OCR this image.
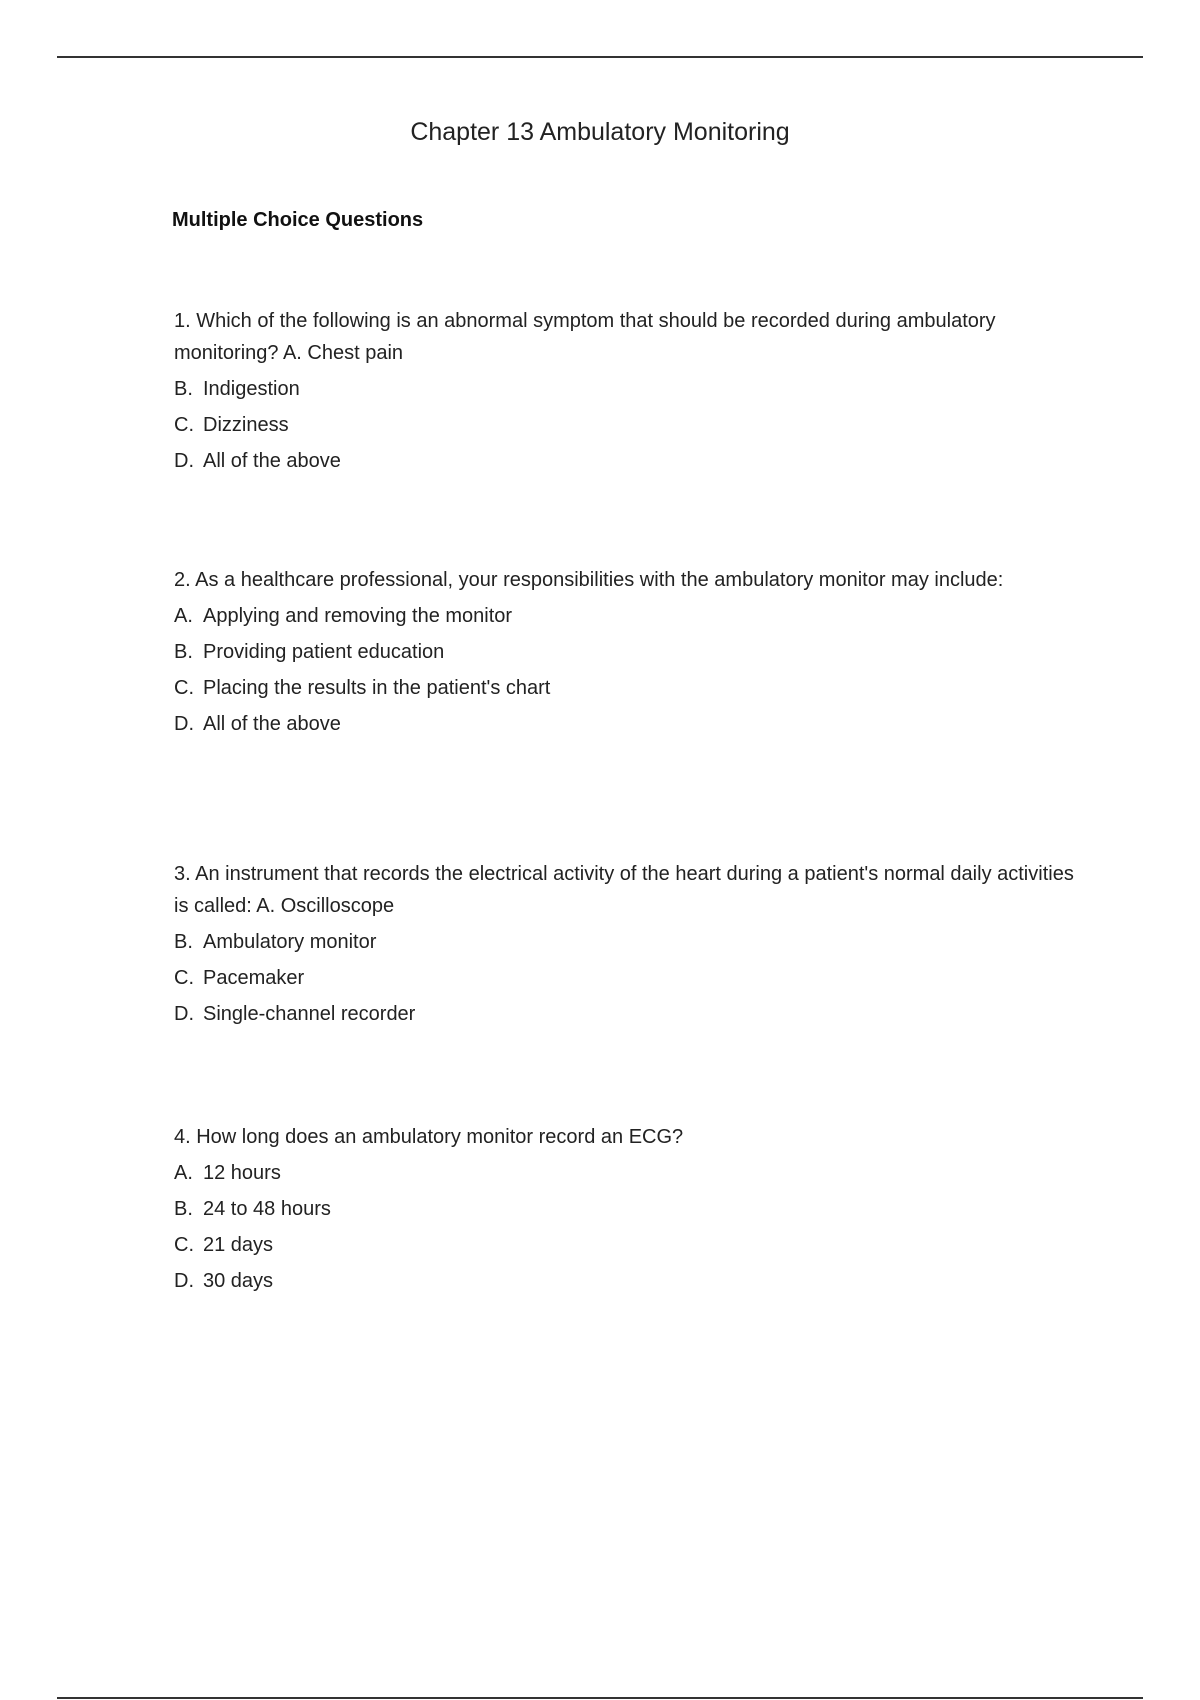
Chapter 13 Ambulatory Monitoring
Multiple Choice Questions

1. Which of the following is an abnormal symptom that should be recorded during ambulatory monitoring? A. Chest pain

B. Indigestion
C. Dizziness
D. All of the above

2. As a healthcare professional, your responsibilities with the ambulatory monitor may include:

A. Applying and removing the monitor
B. Providing patient education
C. Placing the results in the patient's chart
D. All of the above

3. An instrument that records the electrical activity of the heart during a patient's normal daily activities is called: A. Oscilloscope

B. Ambulatory monitor
C. Pacemaker
D. Single-channel recorder

4. How long does an ambulatory monitor record an ECG?

A. 12 hours
B. 24 to 48 hours
C. 21 days
D. 30 days
